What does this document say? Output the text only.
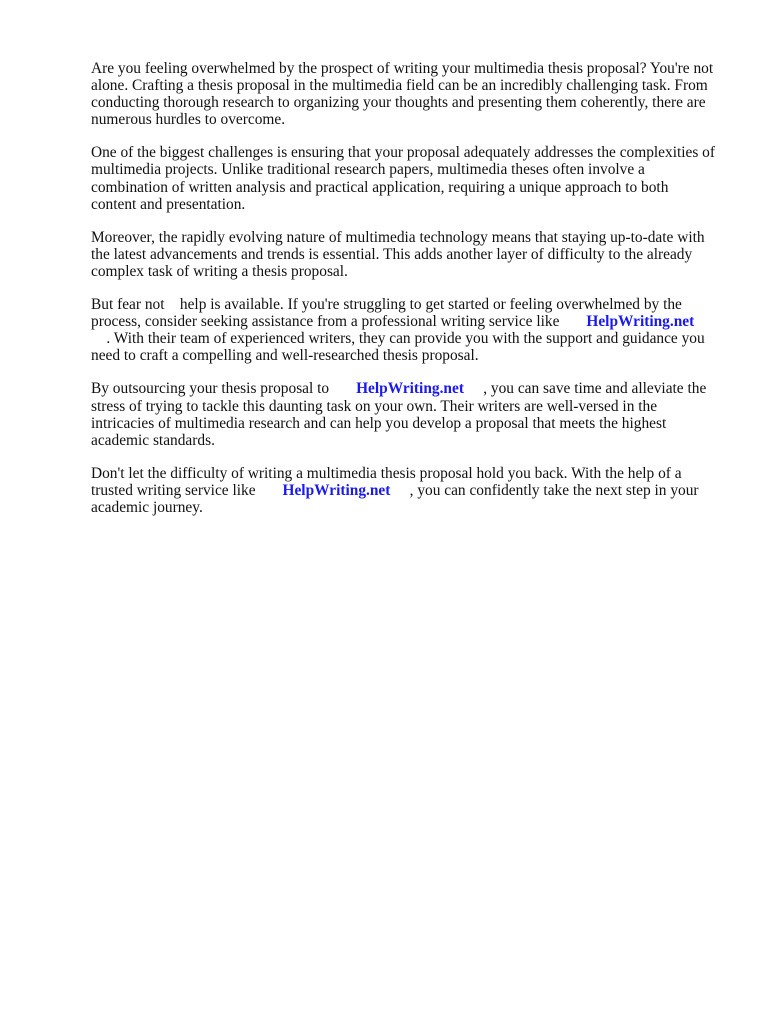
Are you feeling overwhelmed by the prospect of writing your multimedia thesis proposal? You're not
alone. Crafting a thesis proposal in the multimedia field can be an incredibly challenging task. From
conducting thorough research to organizing your thoughts and presenting them coherently, there are
numerous hurdles to overcome.
One of the biggest challenges is ensuring that your proposal adequately addresses the complexities of
multimedia projects. Unlike traditional research papers, multimedia theses often involve a
combination of written analysis and practical application, requiring a unique approach to both
content and presentation.
Moreover, the rapidly evolving nature of multimedia technology means that staying up-to-date with
the latest advancements and trends is essential. This adds another layer of difficulty to the already
complex task of writing a thesis proposal.
But fear not help is available. If you're struggling to get started or feeling overwhelmed by the
process, consider seeking assistance from a professional writing service like HelpWriting.net
. With their team of experienced writers, they can provide you with the support and guidance you
need to craft a compelling and well-researched thesis proposal.
By outsourcing your thesis proposal to HelpWriting.net , you can save time and alleviate the
stress of trying to tackle this daunting task on your own. Their writers are well-versed in the
intricacies of multimedia research and can help you develop a proposal that meets the highest
academic standards.
Don't let the difficulty of writing a multimedia thesis proposal hold you back. With the help of a
trusted writing service like HelpWriting.net , you can confidently take the next step in your
academic journey.
